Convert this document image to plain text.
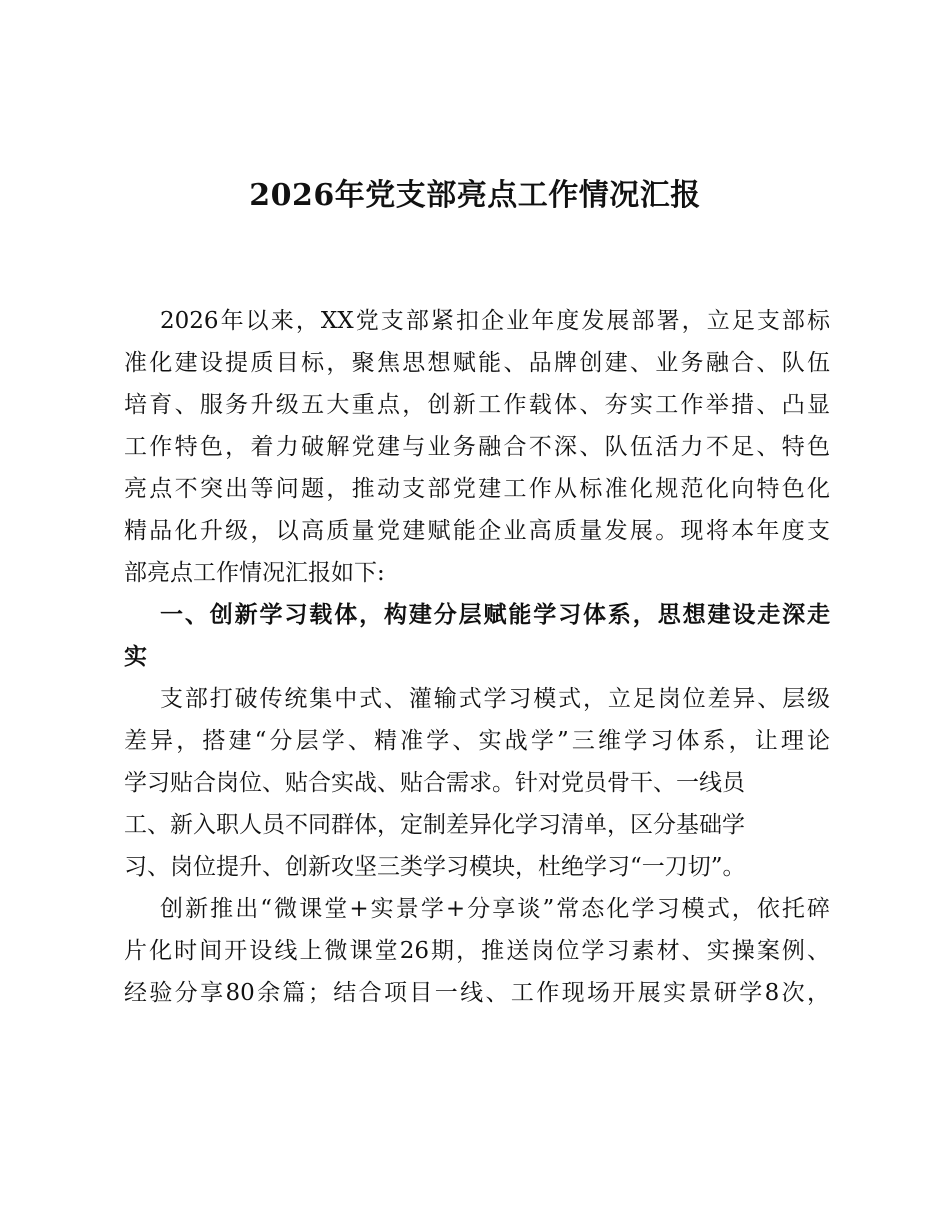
2026年党支部亮点工作情况汇报
2026年以来，XX党支部紧扣企业年度发展部署，立足支部标
准化建设提质目标，聚焦思想赋能、品牌创建、业务融合、队伍
培育、服务升级五大重点，创新工作载体、夯实工作举措、凸显
工作特色，着力破解党建与业务融合不深、队伍活力不足、特色
亮点不突出等问题，推动支部党建工作从标准化规范化向特色化
精品化升级，以高质量党建赋能企业高质量发展。现将本年度支
部亮点工作情况汇报如下:
一、创新学习载体，构建分层赋能学习体系，思想建设走深走
实
支部打破传统集中式、灌输式学习模式，立足岗位差异、层级
差异，搭建“分层学、精准学、实战学”三维学习体系，让理论
学习贴合岗位、贴合实战、贴合需求。针对党员骨干、一线员
工、新入职人员不同群体，定制差异化学习清单，区分基础学
习、岗位提升、创新攻坚三类学习模块，杜绝学习“一刀切”。
创新推出“微课堂+实景学+分享谈”常态化学习模式，依托碎
片化时间开设线上微课堂26期，推送岗位学习素材、实操案例、
经验分享80余篇；结合项目一线、工作现场开展实景研学8次，
